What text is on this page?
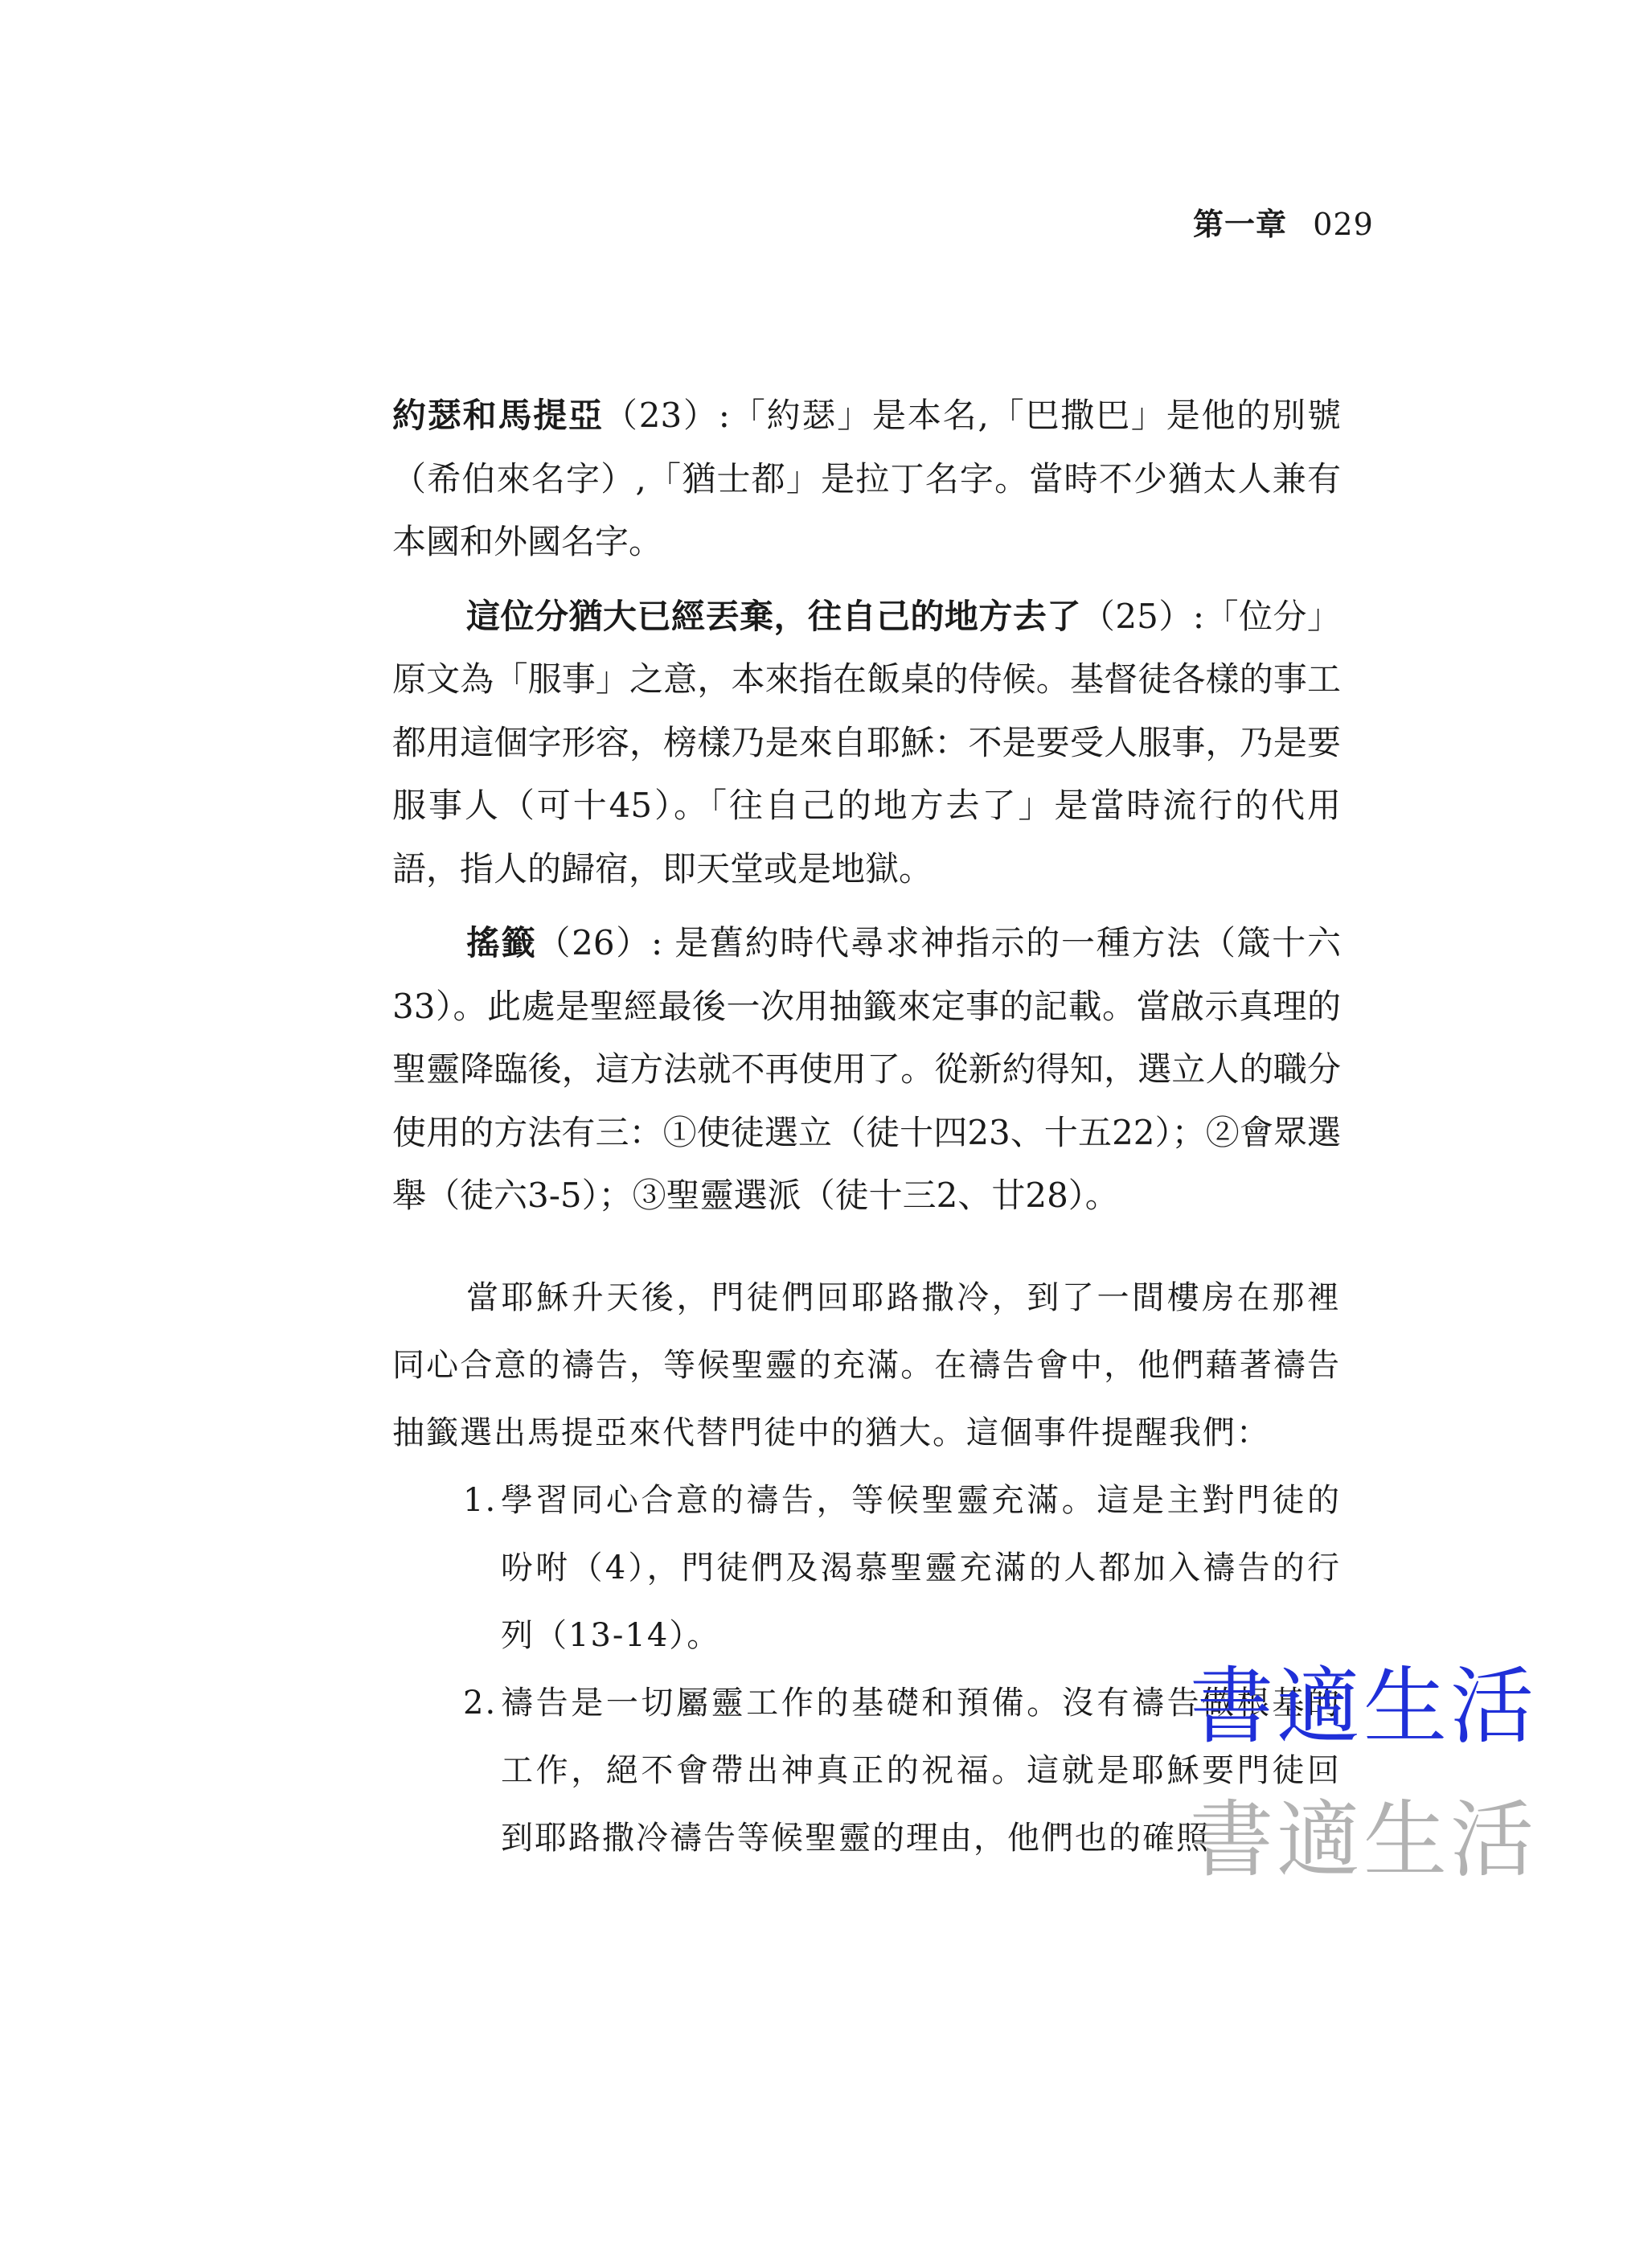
第一章 029

約瑟和馬提亞（23）:「約瑟」是本名,「巴撒巴」是他的別號（希伯來名字）,「猶士都」是拉丁名字。當時不少猶太人兼有本國和外國名字。

這位分猶大已經丟棄，往自己的地方去了（25）:「位分」原文為「服事」之意，本來指在飯桌的侍候。基督徒各樣的事工都用這個字形容，榜樣乃是來自耶穌：不是要受人服事，乃是要服事人（可十45）。「往自己的地方去了」是當時流行的代用語，指人的歸宿，即天堂或是地獄。

搖籤（26）: 是舊約時代尋求神指示的一種方法（箴十六33）。此處是聖經最後一次用抽籤來定事的記載。當啟示真理的聖靈降臨後，這方法就不再使用了。從新約得知，選立人的職分使用的方法有三：①使徒選立（徒十四23、十五22）；②會眾選舉（徒六3-5）；③聖靈選派（徒十三2、廿28）。

當耶穌升天後，門徒們回耶路撒冷，到了一間樓房在那裡同心合意的禱告，等候聖靈的充滿。在禱告會中，他們藉著禱告抽籤選出馬提亞來代替門徒中的猶大。這個事件提醒我們：

1. 學習同心合意的禱告，等候聖靈充滿。這是主對門徒的吩咐（4），門徒們及渴慕聖靈充滿的人都加入禱告的行列（13-14）。
2. 禱告是一切屬靈工作的基礎和預備。沒有禱告做根基的工作，絕不會帶出神真正的祝福。這就是耶穌要門徒回到耶路撒冷禱告等候聖靈的理由，他們也的確照
書適生活
書適生活
